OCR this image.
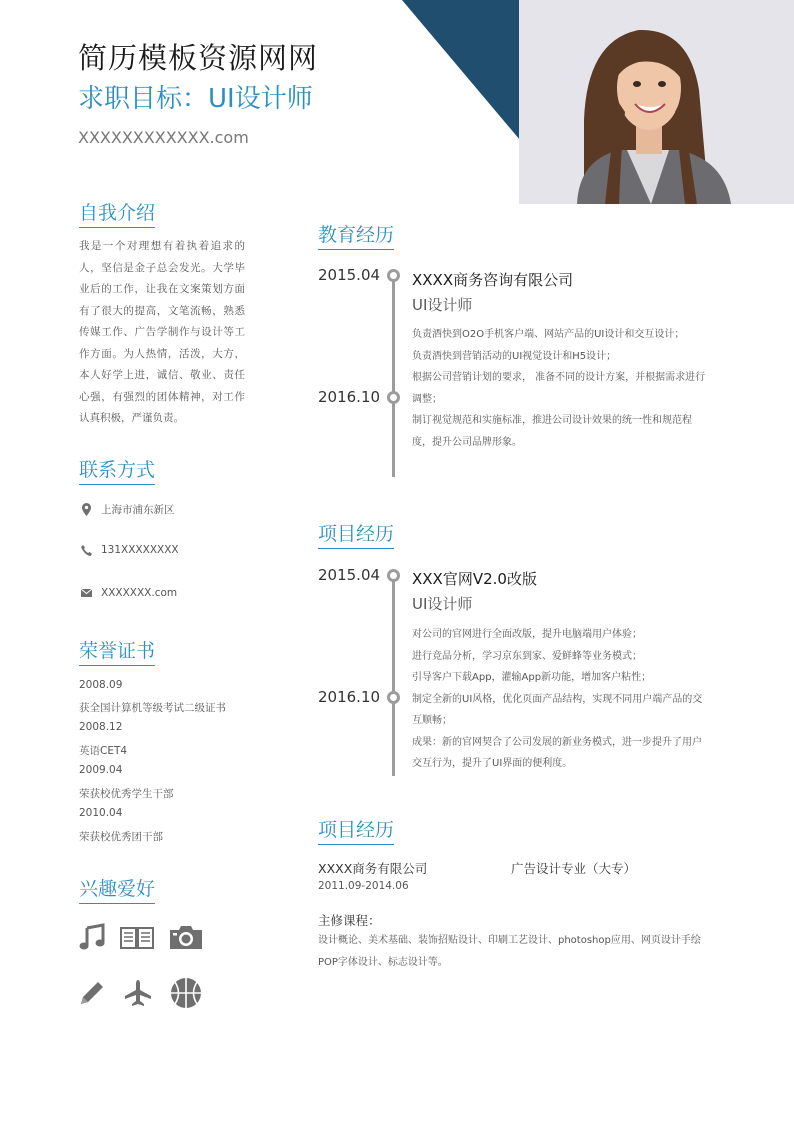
简历模板资源网网
求职目标：UI设计师
XXXXXXXXXXXX.com
自我介绍
我是一个对理想有着执着追求的人，坚信是金子总会发光。大学毕业后的工作，让我在文案策划方面有了很大的提高，文笔流畅，熟悉传媒工作、广告学制作与设计等工作方面。为人热情，活泼，大方，本人好学上进，诚信、敬业、责任心强，有强烈的团体精神，对工作认真积极，严谨负责。
联系方式
上海市浦东新区
131XXXXXXXX
XXXXXXX.com
荣誉证书
2008.09
获全国计算机等级考试二级证书
2008.12
英语CET4
2009.04
荣获校优秀学生干部
2010.04
荣获校优秀团干部
兴趣爱好
教育经历
2015.04
2016.10
XXXX商务咨询有限公司
UI设计师
负责酒快到O2O手机客户端、网站产品的UI设计和交互设计；
负责酒快到营销活动的UI视觉设计和H5设计；
根据公司营销计划的要求， 准备不同的设计方案，并根据需求进行调整；
制订视觉规范和实施标准，推进公司设计效果的统一性和规范程度，提升公司品牌形象。
项目经历
2015.04
2016.10
XXX官网V2.0改版
UI设计师
对公司的官网进行全面改版，提升电脑端用户体验；
进行竞品分析，学习京东到家、爱鲜蜂等业务模式；
引导客户下载App，灌输App新功能，增加客户粘性；
制定全新的UI风格，优化页面产品结构，实现不同用户端产品的交互顺畅；
成果：新的官网契合了公司发展的新业务模式，进一步提升了用户交互行为，提升了UI界面的便利度。
项目经历
XXXX商务有限公司	广告设计专业（大专）
2011.09-2014.06
主修课程：
设计概论、美术基础、装饰招贴设计、印刷工艺设计、photoshop应用、网页设计手绘POP字体设计、标志设计等。
